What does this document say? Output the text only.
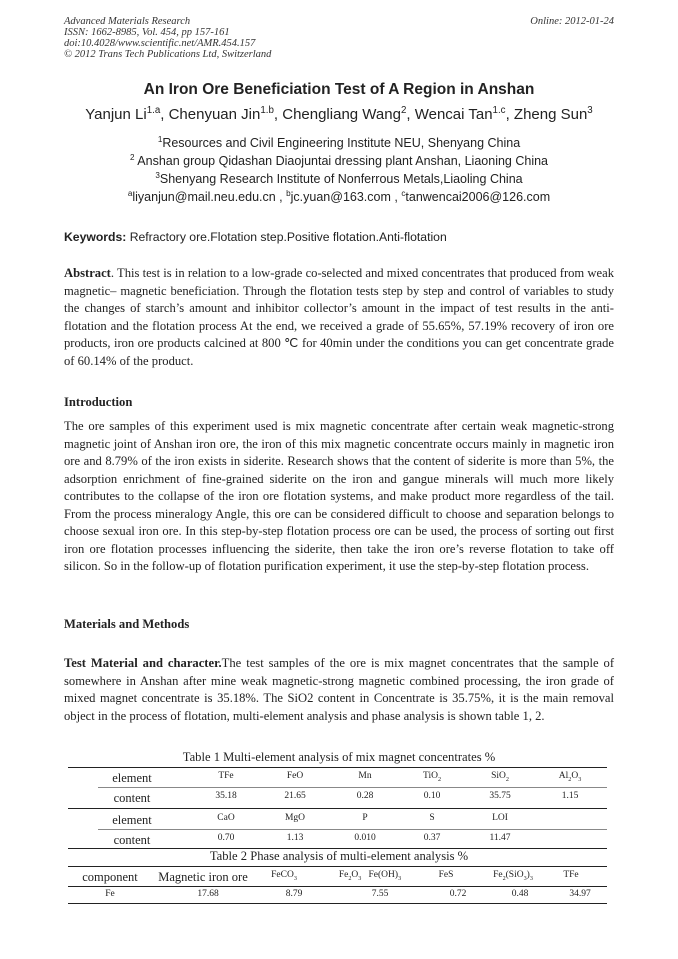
Advanced Materials Research
ISSN: 1662-8985, Vol. 454, pp 157-161
doi:10.4028/www.scientific.net/AMR.454.157
© 2012 Trans Tech Publications Ltd, Switzerland
Online: 2012-01-24
An Iron Ore Beneficiation Test of A Region in Anshan
Yanjun $Li^{1.a}$, Chenyuan Jin$^{1.b}$, Chengliang Wang$^2$, Wencai Tan$^{1.c}$, Zheng Sun$^3$
$^1$Resources and Civil Engineering Institute NEU, Shenyang China
$^2$ Anshan group Qidashan Diaojuntai dressing plant Anshan, Liaoning China
$^3$Shenyang Research Institute of Nonferrous Metals,Liaoling China
$^a$liyanjun@mail.neu.edu.cn , $^b$jc.yuan@163.com , $^c$tanwencai2006@126.com
Keywords: Refractory ore.Flotation step.Positive flotation.Anti-flotation
Abstract. This test is in relation to a low-grade co-selected and mixed concentrates that produced from weak magnetic– magnetic beneficiation. Through the flotation tests step by step and control of variables to study the changes of starch’s amount and inhibitor collector’s amount in the impact of test results in the anti-flotation and the flotation process At the end, we received a grade of 55.65%, 57.19% recovery of iron ore products, iron ore products calcined at 800 ℃ for 40min under the conditions you can get concentrate grade of 60.14% of the product.
Introduction
The ore samples of this experiment used is mix magnetic concentrate after certain weak magnetic-strong magnetic joint of Anshan iron ore, the iron of this mix magnetic concentrate occurs mainly in magnetic iron ore and 8.79% of the iron exists in siderite. Research shows that the content of siderite is more than 5%, the adsorption enrichment of fine-grained siderite on the iron and gangue minerals will much more likely contributes to the collapse of the iron ore flotation systems, and make product more regardless of the tail. From the process mineralogy Angle, this ore can be considered difficult to choose and separation belongs to choose sexual iron ore. In this step-by-step flotation process ore can be used, the process of sorting out first iron ore flotation processes influencing the siderite, then take the iron ore’s reverse flotation to take off silicon. So in the follow-up of flotation purification experiment, it use the step-by-step flotation process.
Materials and Methods
Test Material and character.The test samples of the ore is mix magnet concentrates that the sample of somewhere in Anshan after mine weak magnetic-strong magnetic combined processing, the iron grade of mixed magnet concentrate is 35.18%. The SiO2 content in Concentrate is 35.75%, it is the main removal object in the process of flotation, multi-element analysis and phase analysis is shown table 1, 2.
Table 1 Multi-element analysis of mix magnet concentrates %
element	TFe	FeO	Mn	TiO$_2$	SiO$_2$	$Al_2O_3$
content	35.18	21.65	0.28	0.10	35.75	1.15
element	CaO	MgO	P	S	LOI
content	0.70	1.13	0.010	0.37	11.47
Table 2 Phase analysis of multi-element analysis %
component	Magnetic iron ore	FeCO$_3$	$Fe_2O_3$   $Fe(OH)_3$	FeS	$Fe_2(SiO_3)_3$	TFe
Fe	17.68	8.79	7.55	0.72	0.48	34.97
